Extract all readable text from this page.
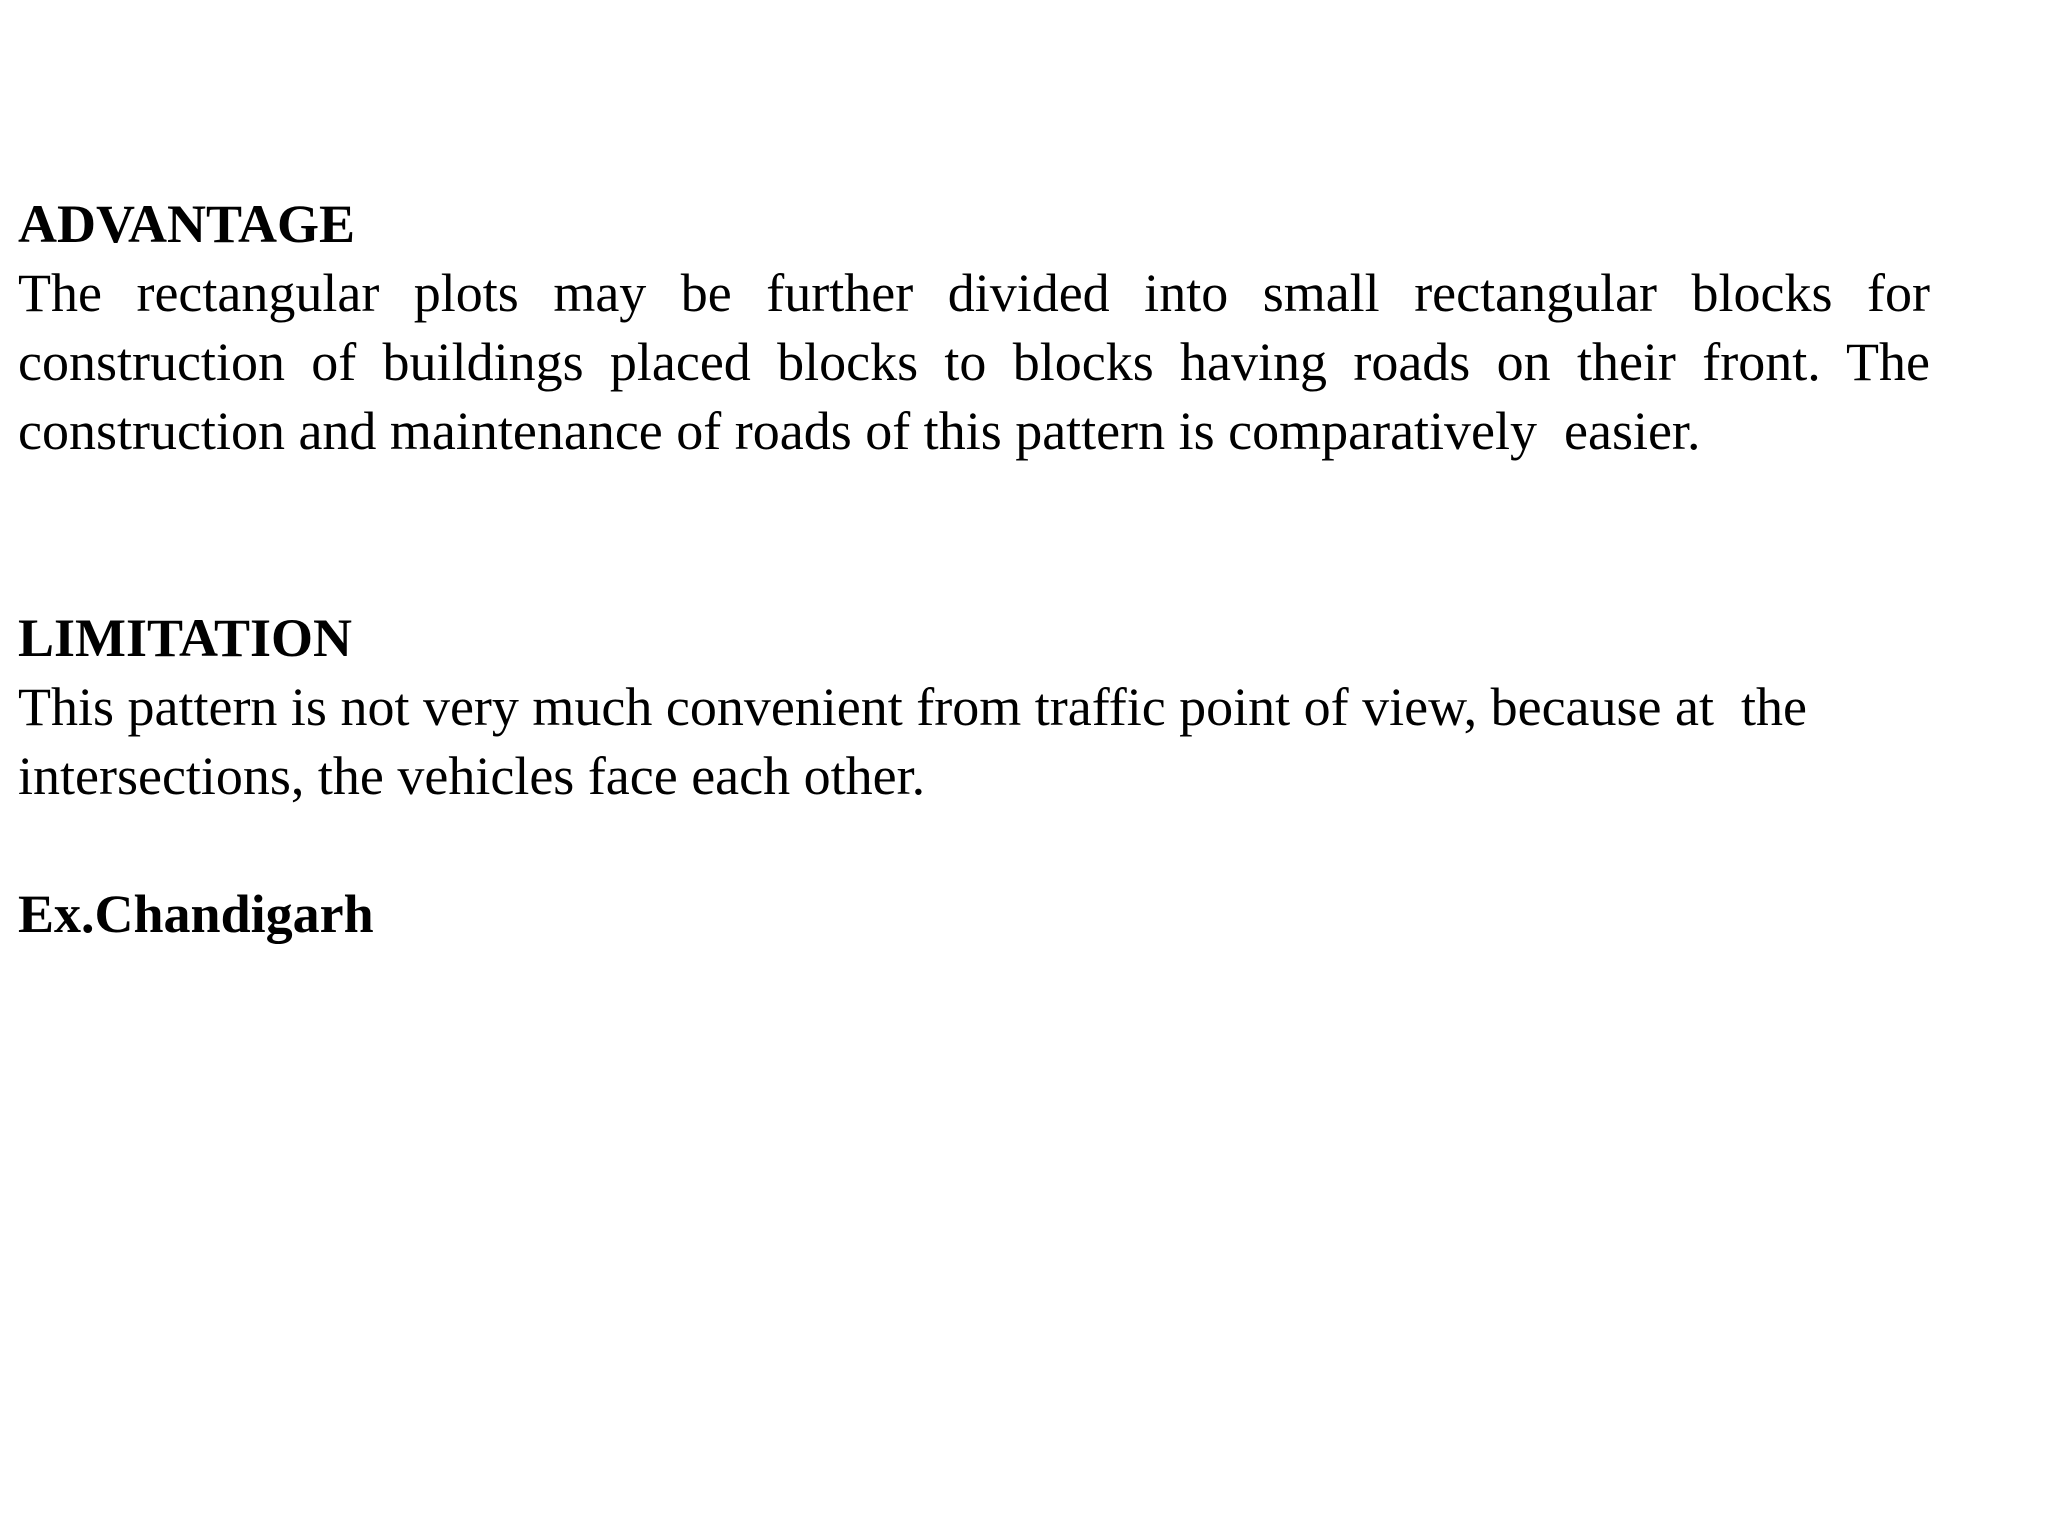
ADVANTAGE
The rectangular plots may be further divided into small rectangular blocks for
construction of buildings placed blocks to blocks having roads on their front. The
construction and maintenance of roads of this pattern is comparatively  easier.
LIMITATION
This pattern is not very much convenient from traffic point of view, because at  the
intersections, the vehicles face each other.
Ex.Chandigarh
